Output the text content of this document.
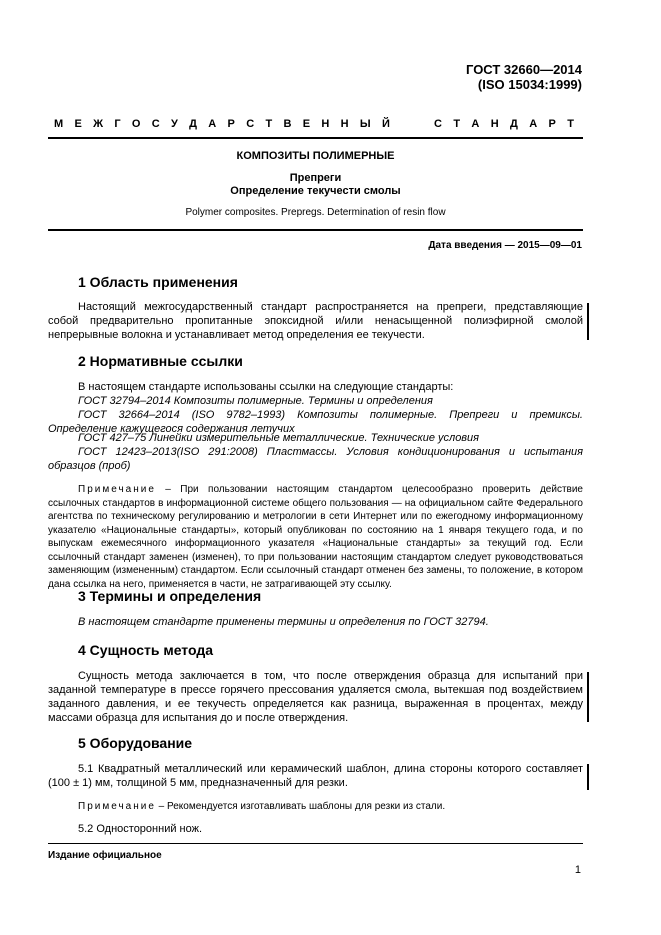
ГОСТ 32660—2014
(ISO 15034:1999)
М Е Ж Г О С У Д А Р С Т В Е Н Н Ы Й	С Т А Н Д А Р Т
КОМПОЗИТЫ ПОЛИМЕРНЫЕ
Препреги
Определение текучести смолы
Polymer composites. Prepregs. Determination of resin flow
Дата введения — 2015—09—01
1 Область применения
Настоящий межгосударственный стандарт распространяется на препреги, представляющие собой предварительно пропитанные эпоксидной и/или ненасыщенной полиэфирной смолой непрерывные волокна и устанавливает метод определения ее текучести.
2 Нормативные ссылки
В настоящем стандарте использованы ссылки на следующие стандарты:
ГОСТ 32794–2014 Композиты полимерные. Термины и определения
ГОСТ 32664–2014 (ISO 9782–1993) Композиты полимерные. Препреги и премиксы. Определение кажущегося содержания летучих
ГОСТ 427–75 Линейки измерительные металлические. Технические условия
ГОСТ 12423–2013(ISO 291:2008) Пластмассы. Условия кондиционирования и испытания образцов (проб)
Примечание – При пользовании настоящим стандартом целесообразно проверить действие ссылочных стандартов в информационной системе общего пользования — на официальном сайте Федерального агентства по техническому регулированию и метрологии в сети Интернет или по ежегодному информационному указателю «Национальные стандарты», который опубликован по состоянию на 1 января текущего года, и по выпускам ежемесячного информационного указателя «Национальные стандарты» за текущий год. Если ссылочный стандарт заменен (изменен), то при пользовании настоящим стандартом следует руководствоваться заменяющим (измененным) стандартом. Если ссылочный стандарт отменен без замены, то положение, в котором дана ссылка на него, применяется в части, не затрагивающей эту ссылку.
3 Термины и определения
В настоящем стандарте применены термины и определения по ГОСТ 32794.
4 Сущность метода
Сущность метода заключается в том, что после отверждения образца для испытаний при заданной температуре в прессе горячего прессования удаляется смола, вытекшая под воздействием заданного давления, и ее текучесть определяется как разница, выраженная в процентах, между массами образца для испытания до и после отверждения.
5 Оборудование
5.1 Квадратный металлический или керамический шаблон, длина стороны которого составляет (100 ± 1) мм, толщиной 5 мм, предназначенный для резки.
Примечание – Рекомендуется изготавливать шаблоны для резки из стали.
5.2 Односторонний нож.
Издание официальное
1
